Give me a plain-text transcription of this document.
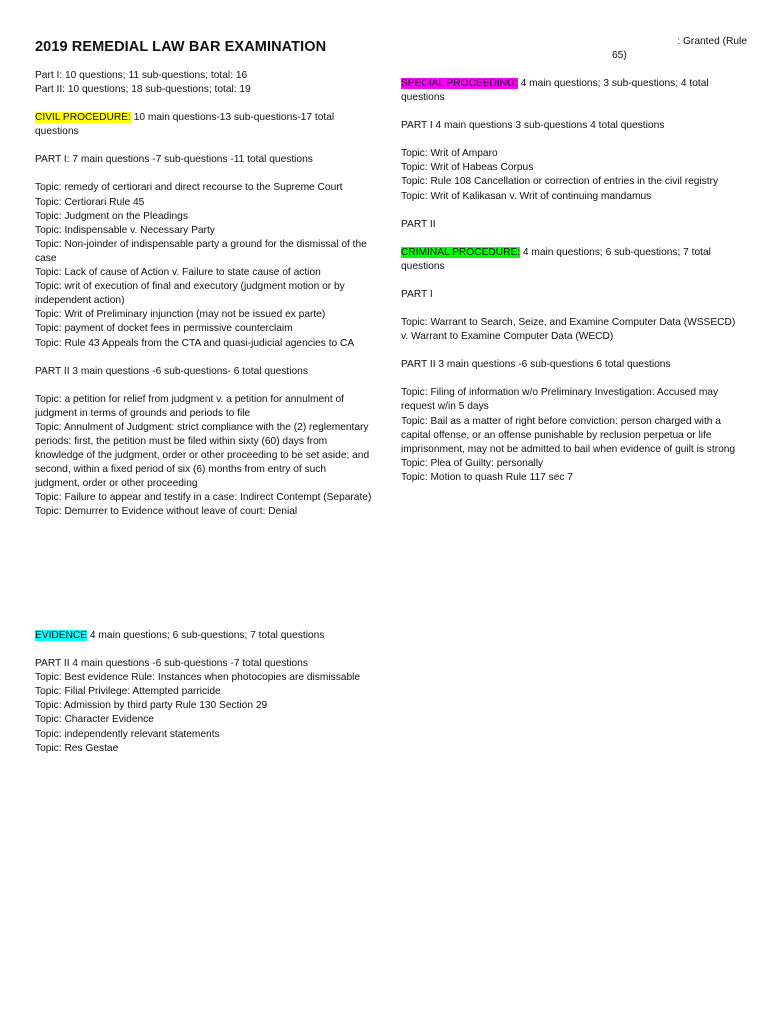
: Granted (Rule
65)
2019 REMEDIAL LAW BAR EXAMINATION

Part I: 10 questions; 11 sub-questions; total: 16

Part II: 10 questions; 18 sub-questions; total: 19

CIVIL PROCEDURE: 10 main questions-13 sub-questions-17 total questions

PART I: 7 main questions -7 sub-questions -11 total questions

Topic: remedy of certiorari and direct recourse to the Supreme Court

Topic: Certiorari Rule 45

Topic: Judgment on the Pleadings

Topic: Indispensable v. Necessary Party

Topic: Non-joinder of indispensable party a ground for the dismissal of the case

Topic: Lack of cause of Action v. Failure to state cause of action

Topic: writ of execution of final and executory (judgment motion or by independent action)

Topic: Writ of Preliminary injunction (may not be issued ex parte)

Topic: payment of docket fees in permissive counterclaim

Topic: Rule 43 Appeals from the CTA and quasi-judicial agencies to CA

PART II 3 main questions -6 sub-questions- 6 total questions

Topic: a petition for relief from judgment v. a petition for annulment of judgment in terms of grounds and periods to file

Topic: Annulment of Judgment: strict compliance with the (2) reglementary periods: first, the petition must be filed within sixty (60) days from knowledge of the judgment, order or other proceeding to be set aside; and second, within a fixed period of six (6) months from entry of such judgment, order or other proceeding

Topic: Failure to appear and testify in a case: Indirect Contempt (Separate)

Topic: Demurrer to Evidence without leave of court: Denial

SPECIAL PROCEEDING: 4 main questions; 3 sub-questions; 4 total questions

PART I 4 main questions 3 sub-questions 4 total questions

Topic: Writ of Amparo

Topic: Writ of Habeas Corpus

Topic: Rule 108 Cancellation or correction of entries in the civil registry

Topic: Writ of Kalikasan v. Writ of continuing mandamus

PART II

CRIMINAL PROCEDURE: 4 main questions; 6 sub-questions; 7 total questions

PART I

Topic: Warrant to Search, Seize, and Examine Computer Data (WSSECD) v. Warrant to Examine Computer Data (WECD)

PART II 3 main questions -6 sub-questions 6 total questions

Topic: Filing of information w/o Preliminary Investigation: Accused may request w/in 5 days

Topic: Bail as a matter of right before conviction: person charged with a capital offense, or an offense punishable by reclusion perpetua or life imprisonment, may not be admitted to bail when evidence of guilt is strong

Topic: Plea of Guilty: personally

Topic: Motion to quash Rule 117 sec 7

EVIDENCE 4 main questions; 6 sub-questions; 7 total questions

PART II 4 main questions -6 sub-questions -7 total questions

Topic: Best evidence Rule: Instances when photocopies are dismissable

Topic: Filial Privilege: Attempted parricide

Topic: Admission by third party Rule 130 Section 29

Topic: Character Evidence

Topic: independently relevant statements

Topic: Res Gestae
